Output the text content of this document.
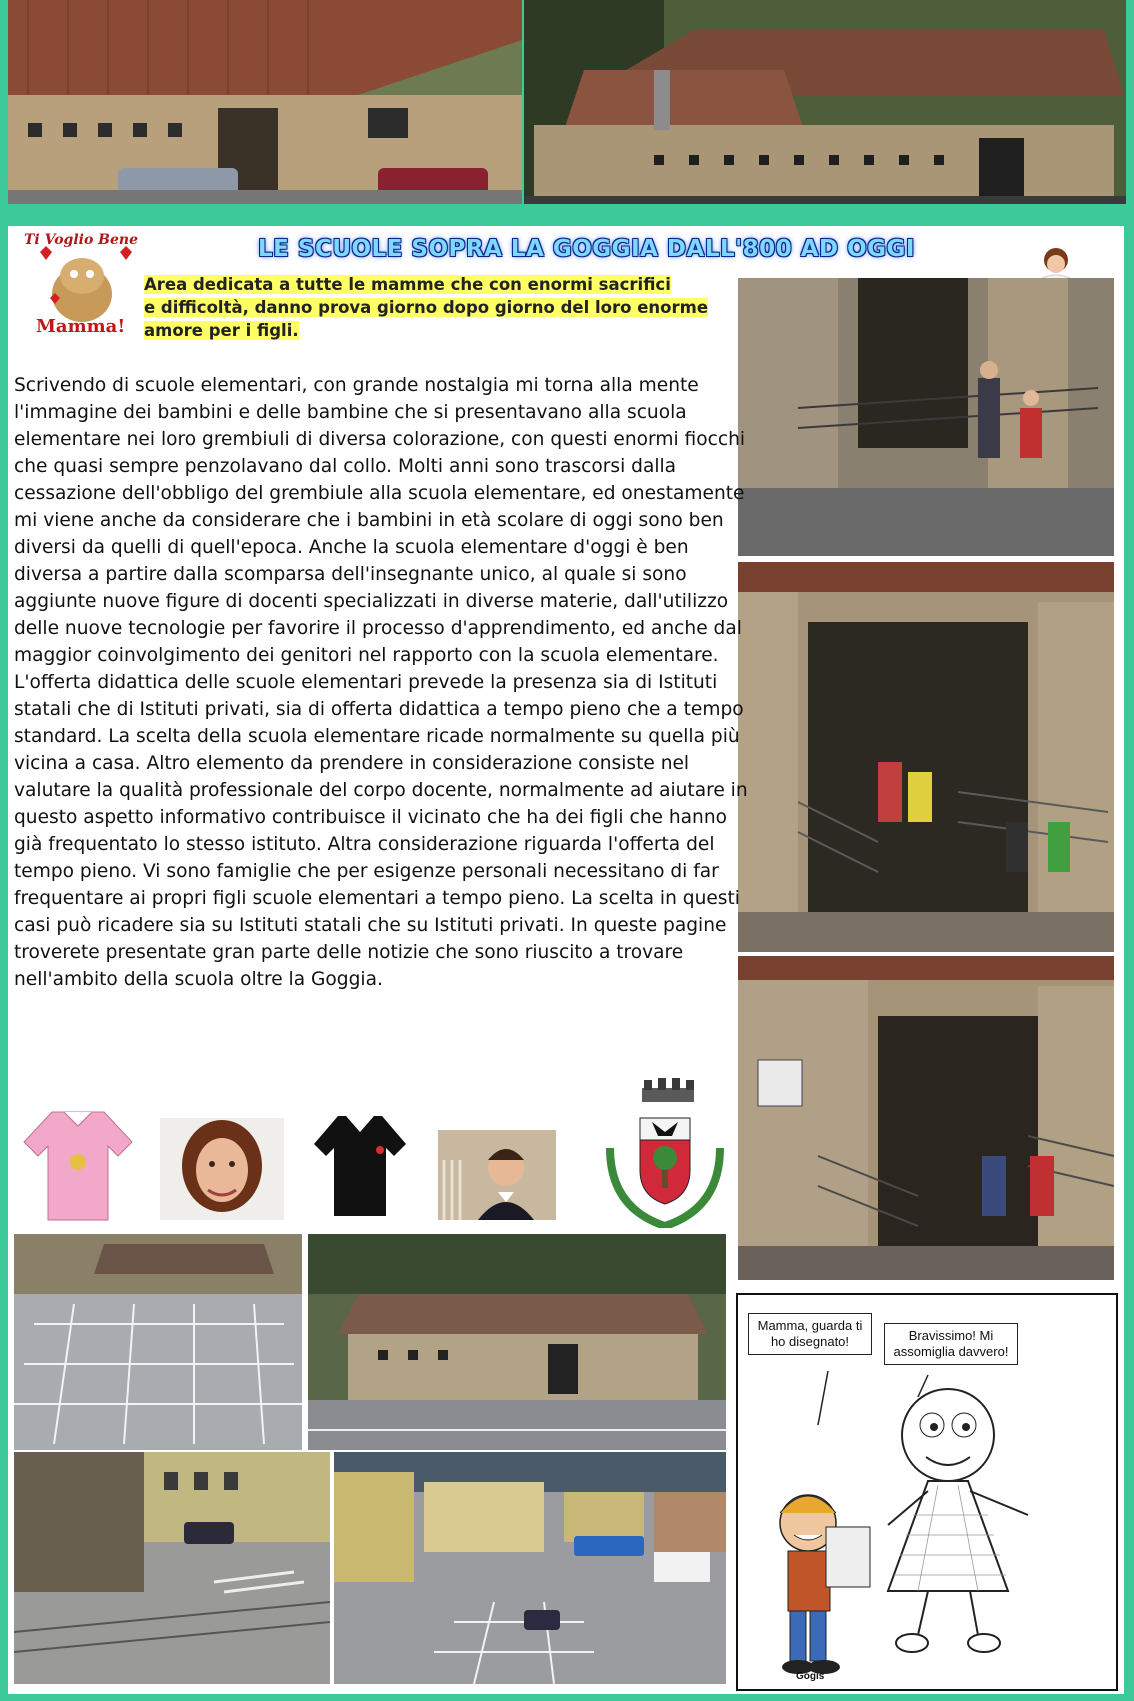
Ti Voglio Bene
Mamma!
LE SCUOLE SOPRA LA GOGGIA DALL'800 AD OGGI
Area dedicata a tutte le mamme che con enormi sacrifici
e difficoltà, danno prova giorno dopo giorno del loro enorme
amore per i figli.
Scrivendo di scuole elementari, con grande nostalgia mi torna alla mente l'immagine dei bambini e delle bambine che si presentavano alla scuola elementare nei loro grembiuli di diversa colorazione, con questi enormi fiocchi che quasi sempre penzolavano dal collo. Molti anni sono trascorsi dalla cessazione dell'obbligo del grembiule alla scuola elementare, ed onestamente mi viene anche da considerare che i bambini in età scolare di oggi sono ben diversi da quelli di quell'epoca. Anche la scuola elementare d'oggi è ben diversa a partire dalla scomparsa dell'insegnante unico, al quale si sono aggiunte nuove figure di docenti specializzati in diverse materie, dall'utilizzo delle nuove tecnologie per favorire il processo d'apprendimento, ed anche dal maggior coinvolgimento dei genitori nel rapporto con la scuola elementare. L'offerta didattica delle scuole elementari prevede la presenza sia di Istituti statali che di Istituti privati, sia di offerta didattica a tempo pieno che a tempo standard. La scelta della scuola elementare ricade normalmente su quella più vicina a casa. Altro elemento da prendere in considerazione consiste nel valutare la qualità professionale del corpo docente, normalmente ad aiutare in questo aspetto informativo contribuisce il vicinato che ha dei figli che hanno già frequentato lo stesso istituto. Altra considerazione riguarda l'offerta del tempo pieno. Vi sono famiglie che per esigenze personali necessitano di far frequentare ai propri figli scuole elementari a tempo pieno. La scelta in questi casi può ricadere sia su Istituti statali che su Istituti privati. In queste pagine troverete presentate gran parte delle notizie che sono riuscito a trovare nell'ambito della scuola oltre la Goggia.
Mamma, guarda ti ho disegnato!	Bravissimo! Mi assomiglia davvero!
Gogis
